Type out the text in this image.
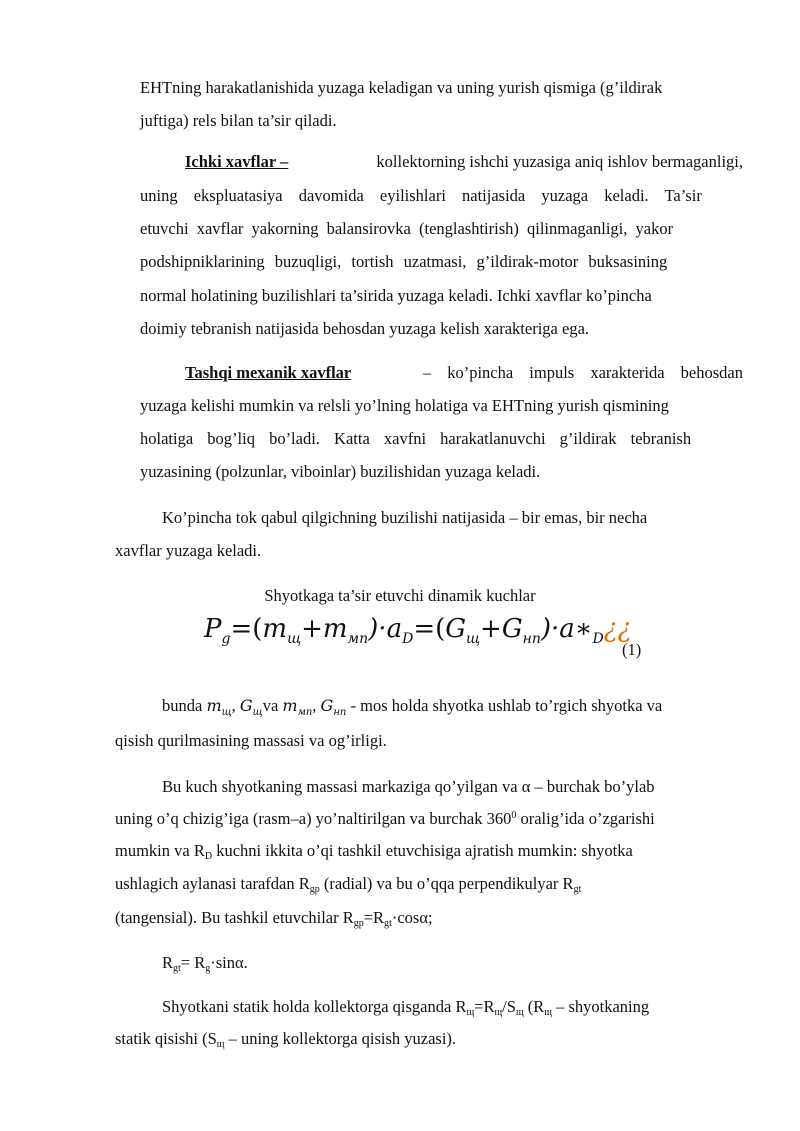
EHTning harakatlanishida yuzaga keladigan va uning yurish qismiga (g’ildirak
juftiga) rels bilan ta’sir qiladi.
Ichki xavflar –	kollektorning ishchi yuzasiga aniq ishlov bermaganligi,
uning ekspluatasiya davomida eyilishlari natijasida yuzaga keladi. Ta’sir
etuvchi xavflar yakorning balansirovka (tenglashtirish) qilinmaganligi, yakor
podshipniklarining buzuqligi, tortish uzatmasi, g’ildirak-motor buksasining
normal holatining buzilishlari ta’sirida yuzaga keladi. Ichki xavflar ko’pincha
doimiy tebranish natijasida behosdan yuzaga kelish xarakteriga ega.
Tashqi mexanik xavflar	– ko’pincha impuls xarakterida behosdan
yuzaga kelishi mumkin va relsli yo’lning holatiga va EHTning yurish qismining
holatiga bog’liq bo’ladi. Katta xavfni harakatlanuvchi g’ildirak tebranish
yuzasining (polzunlar, viboinlar) buzilishidan yuzaga keladi.
Ko’pincha tok qabul qilgichning buzilishi natijasida – bir emas, bir necha
xavflar yuzaga keladi.
Shyotkaga ta’sir etuvchi dinamik kuchlar
$P_g=(m_щ+m_{мп})\cdot a_D=(G_щ+G_{нп})\cdot a∗_D¿¿$
(1)
bunda $m_щ$, $G_щva$ $m_{мп}$, $G_{нп}$ - mos holda shyotka ushlab to’rgich shyotka va
qisish qurilmasining massasi va og’irligi.
Bu kuch shyotkaning massasi markaziga qo’yilgan va α – burchak bo’ylab
uning o’q chizig’iga (rasm–a) yo’naltirilgan va burchak $360^0$ oralig’ida o’zgarishi
mumkin va $R_D$ kuchni ikkita o’qi tashkil etuvchisiga ajratish mumkin: shyotka
ushlagich aylanasi tarafdan $R_{gp}$ (radial) va bu o’qqa perpendikulyar $R_{gt}$
(tangensial). Bu tashkil etuvchilar $R_{gp}=R_{gt}\cdot\cos\alpha$;
$R_{gt}= R_g\cdot\sin\alpha$.
Shyotkani statik holda kollektorga qisganda $R_щ=R_щ/S_щ$ ($R_щ$ – shyotkaning
statik qisishi ($S_щ$ – uning kollektorga qisish yuzasi).
